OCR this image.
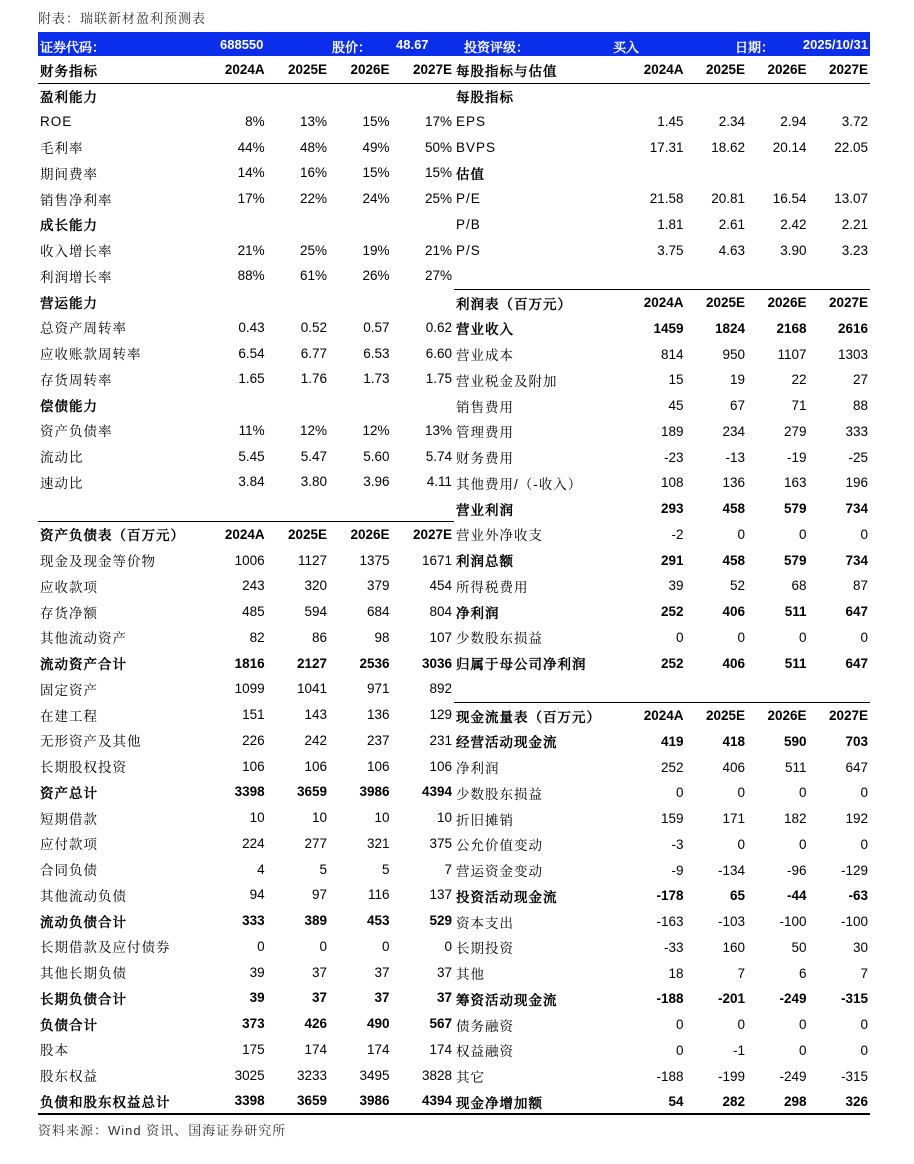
附表：瑞联新材盈利预测表
证券代码：	688550	股价： 48.67	投资评级：	买入	日期： 2025/10/31
财务指标	2024A	2025E	2026E	2027E
盈利能力				
ROE	8%	13%	15%	17%
毛利率	44%	48%	49%	50%
期间费率	14%	16%	15%	15%
销售净利率	17%	22%	24%	25%
成长能力				
收入增长率	21%	25%	19%	21%
利润增长率	88%	61%	26%	27%
营运能力				
总资产周转率	0.43	0.52	0.57	0.62
应收账款周转率	6.54	6.77	6.53	6.60
存货周转率	1.65	1.76	1.73	1.75
偿债能力				
资产负债率	11%	12%	12%	13%
流动比	5.45	5.47	5.60	5.74
速动比	3.84	3.80	3.96	4.11

资产负债表（百万元）	2024A	2025E	2026E	2027E
现金及现金等价物	1006	1127	1375	1671
应收款项	243	320	379	454
存货净额	485	594	684	804
其他流动资产	82	86	98	107
流动资产合计	1816	2127	2536	3036
固定资产	1099	1041	971	892
在建工程	151	143	136	129
无形资产及其他	226	242	237	231
长期股权投资	106	106	106	106
资产总计	3398	3659	3986	4394
短期借款	10	10	10	10
应付款项	224	277	321	375
合同负债	4	5	5	7
其他流动负债	94	97	116	137
流动负债合计	333	389	453	529
长期借款及应付债券	0	0	0	0
其他长期负债	39	37	37	37
长期负债合计	39	37	37	37
负债合计	373	426	490	567
股本	175	174	174	174
股东权益	3025	3233	3495	3828
负债和股东权益总计	3398	3659	3986	4394
每股指标与估值	2024A	2025E	2026E	2027E
每股指标				
EPS	1.45	2.34	2.94	3.72
BVPS	17.31	18.62	20.14	22.05
估值				
P/E	21.58	20.81	16.54	13.07
P/B	1.81	2.61	2.42	2.21
P/S	3.75	4.63	3.90	3.23

利润表（百万元）	2024A	2025E	2026E	2027E
营业收入	1459	1824	2168	2616
营业成本	814	950	1107	1303
营业税金及附加	15	19	22	27
销售费用	45	67	71	88
管理费用	189	234	279	333
财务费用	-23	-13	-19	-25
其他费用/（-收入）	108	136	163	196
营业利润	293	458	579	734
营业外净收支	-2	0	0	0
利润总额	291	458	579	734
所得税费用	39	52	68	87
净利润	252	406	511	647
少数股东损益	0	0	0	0
归属于母公司净利润	252	406	511	647

现金流量表（百万元）	2024A	2025E	2026E	2027E
经营活动现金流	419	418	590	703
净利润	252	406	511	647
少数股东损益	0	0	0	0
折旧摊销	159	171	182	192
公允价值变动	-3	0	0	0
营运资金变动	-9	-134	-96	-129
投资活动现金流	-178	65	-44	-63
资本支出	-163	-103	-100	-100
长期投资	-33	160	50	30
其他	18	7	6	7
筹资活动现金流	-188	-201	-249	-315
债务融资	0	0	0	0
权益融资	0	-1	0	0
其它	-188	-199	-249	-315
现金净增加额	54	282	298	326
资料来源：Wind 资讯、国海证券研究所
